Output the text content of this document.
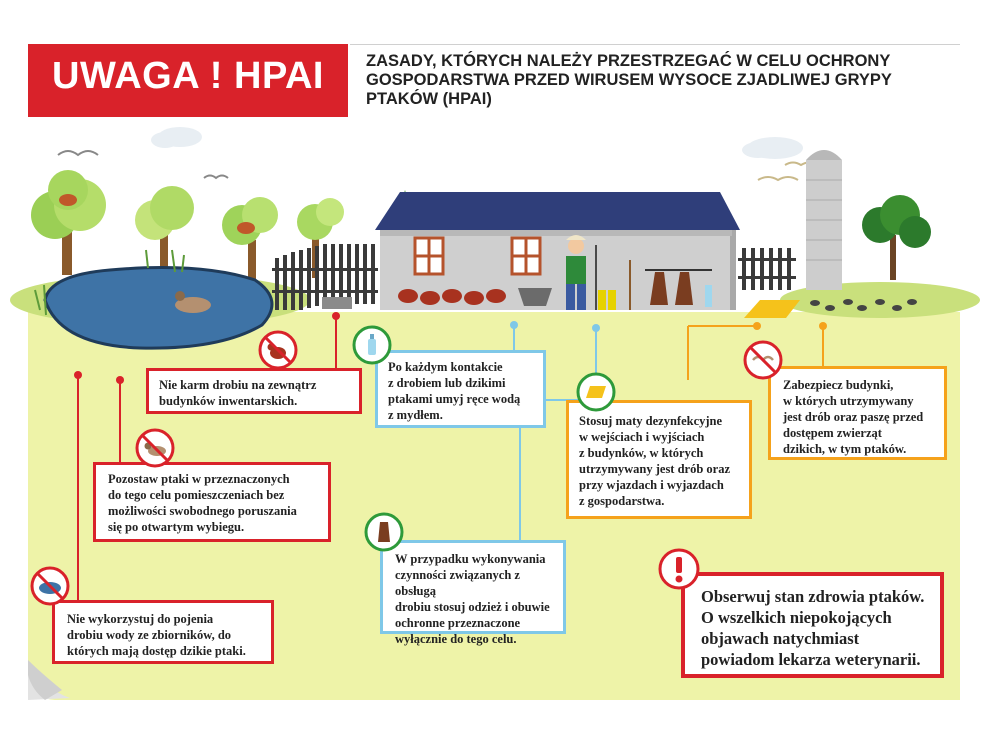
UWAGA ! HPAI	ZASADY, KTÓRYCH NALEŻY PRZESTRZEGAĆ W CELU OCHRONY
GOSPODARSTWA PRZED WIRUSEM WYSOCE ZJADLIWEJ GRYPY
PTAKÓW (HPAI)
Nie karm drobiu na zewnątrz
budynków inwentarskich.
Po każdym kontakcie
z drobiem lub dzikimi
ptakami umyj ręce wodą
z mydłem.
Zabezpiecz budynki,
w których utrzymywany
jest drób oraz paszę przed
dostępem zwierząt
dzikich, w tym ptaków.
Pozostaw ptaki w przeznaczonych
do tego celu pomieszczeniach bez
możliwości swobodnego poruszania
się po otwartym wybiegu.
Stosuj maty dezynfekcyjne
w wejściach i wyjściach
z budynków, w których
utrzymywany jest drób oraz
przy wjazdach i wyjazdach
z gospodarstwa.
W przypadku wykonywania
czynności związanych z obsługą
drobiu stosuj odzież i obuwie
ochronne przeznaczone
wyłącznie do tego celu.
Nie wykorzystuj do pojenia
drobiu wody ze zbiorników, do
których mają dostęp dzikie ptaki.
Obserwuj stan zdrowia ptaków.
O wszelkich niepokojących
objawach natychmiast
powiadom lekarza weterynarii.
